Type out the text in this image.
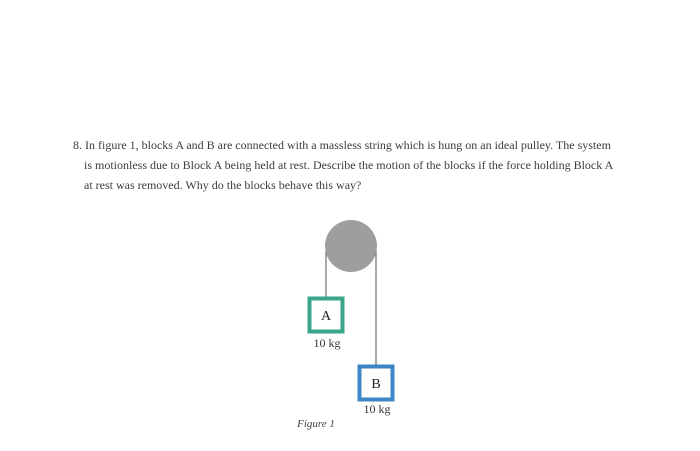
8. In figure 1, blocks A and B are connected with a massless string which is hung on an ideal pulley. The system
is motionless due to Block A being held at rest. Describe the motion of the blocks if the force holding Block A
at rest was removed. Why do the blocks behave this way?
A
10 kg
B
10 kg
Figure 1
